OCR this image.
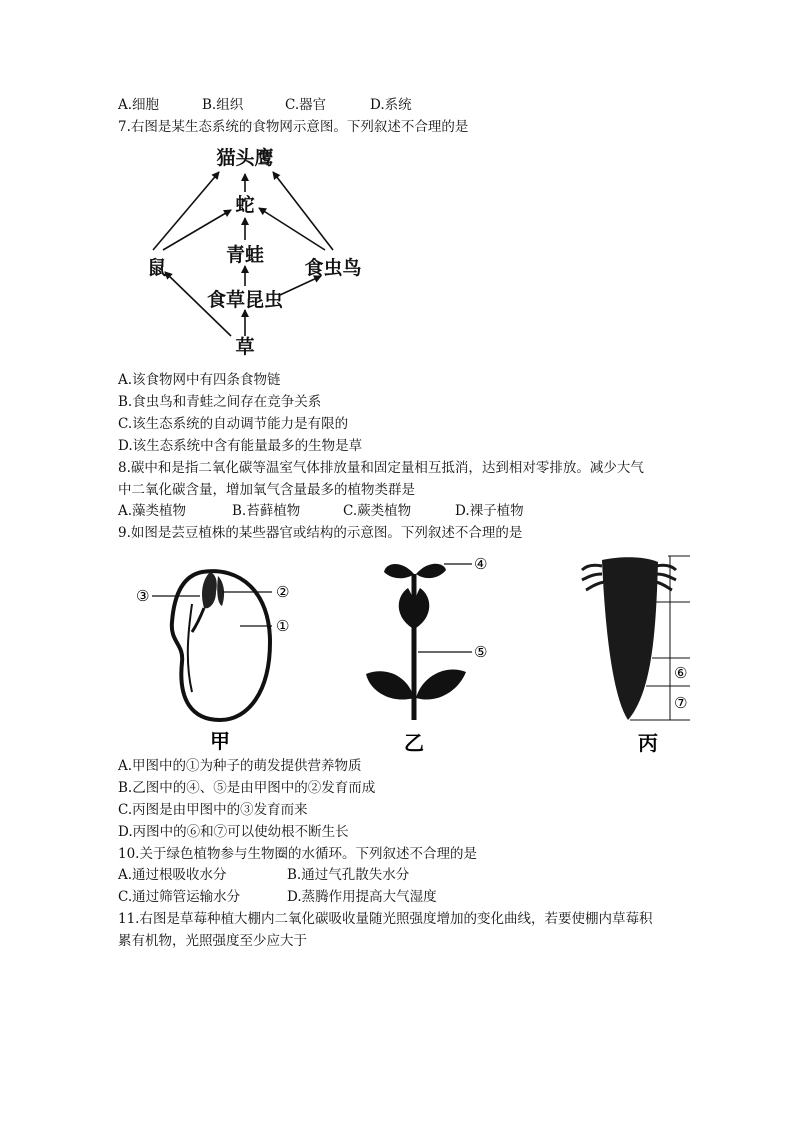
A.细胞	B.组织	C.器官	D.系统
7.右图是某生态系统的食物网示意图。下列叙述不合理的是
猫头鹰
蛇
青蛙
鼠	食虫鸟
食草昆虫
草
A.该食物网中有四条食物链
B.食虫鸟和青蛙之间存在竞争关系
C.该生态系统的自动调节能力是有限的
D.该生态系统中含有能量最多的生物是草
8.碳中和是指二氧化碳等温室气体排放量和固定量相互抵消，达到相对零排放。减少大气
中二氧化碳含量，增加氧气含量最多的植物类群是
A.藻类植物	B.苔藓植物	C.蕨类植物	D.裸子植物
9.如图是芸豆植株的某些器官或结构的示意图。下列叙述不合理的是
③	②
①
甲
④
⑤
乙
⑥
⑦
丙
A.甲图中的①为种子的萌发提供营养物质
B.乙图中的④、⑤是由甲图中的②发育而成
C.丙图是由甲图中的③发育而来
D.丙图中的⑥和⑦可以使幼根不断生长
10.关于绿色植物参与生物圈的水循环。下列叙述不合理的是
A.通过根吸收水分	B.通过气孔散失水分
C.通过筛管运输水分	D.蒸腾作用提高大气湿度
11.右图是草莓种植大棚内二氧化碳吸收量随光照强度增加的变化曲线，若要使棚内草莓积
累有机物，光照强度至少应大于
